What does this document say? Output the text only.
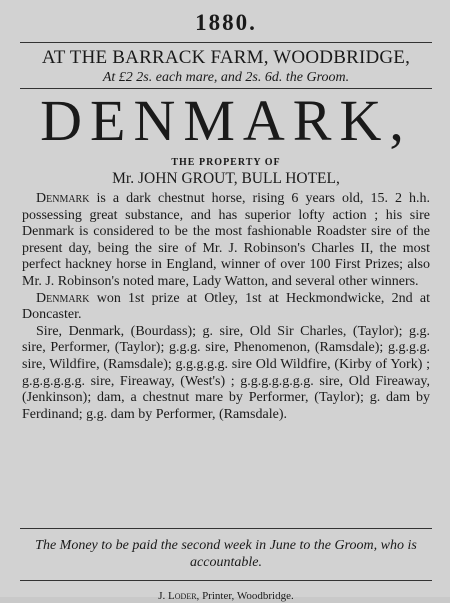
1880.
AT THE BARRACK FARM, WOODBRIDGE,
At £2 2s. each mare, and 2s. 6d. the Groom.
DENMARK,
THE PROPERTY OF
Mr. JOHN GROUT, BULL HOTEL,

Denmark is a dark chestnut horse, rising 6 years old, 15. 2 h.h. possessing great substance, and has superior lofty action ; his sire Denmark is considered to be the most fashionable Roadster sire of the present day, being the sire of Mr. J. Robinson's Charles II, the most perfect hackney horse in England, winner of over 100 First Prizes; also Mr. J. Robinson's noted mare, Lady Watton, and several other winners.

Denmark won 1st prize at Otley, 1st at Heckmondwicke, 2nd at Doncaster.

Sire, Denmark, (Bourdass); g. sire, Old Sir Charles, (Taylor); g.g. sire, Performer, (Taylor); g.g.g. sire, Phenomenon, (Ramsdale); g.g.g.g. sire, Wildfire, (Ramsdale); g.g.g.g.g. sire Old Wildfire, (Kirby of York) ; g.g.g.g.g.g. sire, Fireaway, (West's) ; g.g.g.g.g.g.g. sire, Old Fireaway, (Jenkinson); dam, a chestnut mare by Performer, (Taylor); g. dam by Ferdinand; g.g. dam by Performer, (Ramsdale).

The Money to be paid the second week in June to the Groom, who is accountable.
J. Loder, Printer, Woodbridge.
